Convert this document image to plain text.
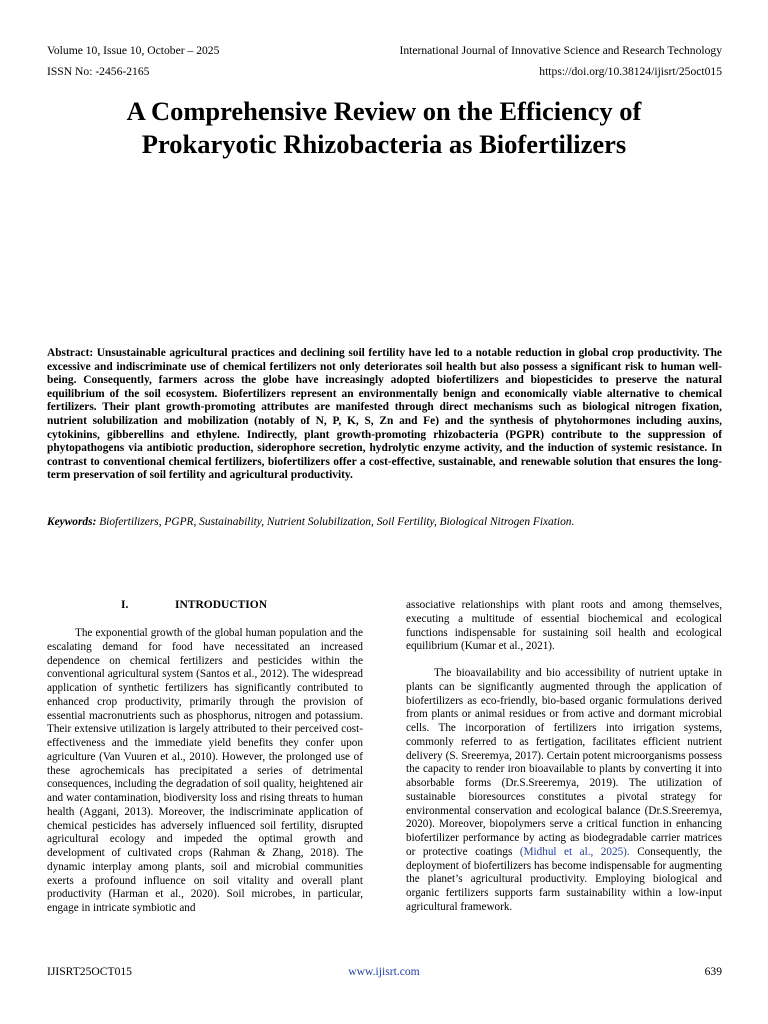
Volume 10, Issue 10, October – 2025	International Journal of Innovative Science and Research Technology
ISSN No: -2456-2165	https://doi.org/10.38124/ijisrt/25oct015
A Comprehensive Review on the Efficiency of
Prokaryotic Rhizobacteria as Biofertilizers
Abstract: Unsustainable agricultural practices and declining soil fertility have led to a notable reduction in global crop productivity. The excessive and indiscriminate use of chemical fertilizers not only deteriorates soil health but also possess a significant risk to human well-being. Consequently, farmers across the globe have increasingly adopted biofertilizers and biopesticides to preserve the natural equilibrium of the soil ecosystem. Biofertilizers represent an environmentally benign and economically viable alternative to chemical fertilizers. Their plant growth-promoting attributes are manifested through direct mechanisms such as biological nitrogen fixation, nutrient solubilization and mobilization (notably of N, P, K, S, Zn and Fe) and the synthesis of phytohormones including auxins, cytokinins, gibberellins and ethylene. Indirectly, plant growth-promoting rhizobacteria (PGPR) contribute to the suppression of phytopathogens via antibiotic production, siderophore secretion, hydrolytic enzyme activity, and the induction of systemic resistance. In contrast to conventional chemical fertilizers, biofertilizers offer a cost-effective, sustainable, and renewable solution that ensures the long-term preservation of soil fertility and agricultural productivity.
Keywords: Biofertilizers, PGPR, Sustainability, Nutrient Solubilization, Soil Fertility, Biological Nitrogen Fixation.
I.	INTRODUCTION

The exponential growth of the global human population and the escalating demand for food have necessitated an increased dependence on chemical fertilizers and pesticides within the conventional agricultural system (Santos et al., 2012). The widespread application of synthetic fertilizers has significantly contributed to enhanced crop productivity, primarily through the provision of essential macronutrients such as phosphorus, nitrogen and potassium. Their extensive utilization is largely attributed to their perceived cost-effectiveness and the immediate yield benefits they confer upon agriculture (Van Vuuren et al., 2010). However, the prolonged use of these agrochemicals has precipitated a series of detrimental consequences, including the degradation of soil quality, heightened air and water contamination, biodiversity loss and rising threats to human health (Aggani, 2013). Moreover, the indiscriminate application of chemical pesticides has adversely influenced soil fertility, disrupted agricultural ecology and impeded the optimal growth and development of cultivated crops (Rahman & Zhang, 2018). The dynamic interplay among plants, soil and microbial communities exerts a profound influence on soil vitality and overall plant productivity (Harman et al., 2020). Soil microbes, in particular, engage in intricate symbiotic and

associative relationships with plant roots and among themselves, executing a multitude of essential biochemical and ecological functions indispensable for sustaining soil health and ecological equilibrium (Kumar et al., 2021).

The bioavailability and bio accessibility of nutrient uptake in plants can be significantly augmented through the application of biofertilizers as eco-friendly, bio-based organic formulations derived from plants or animal residues or from active and dormant microbial cells. The incorporation of fertilizers into irrigation systems, commonly referred to as fertigation, facilitates efficient nutrient delivery (S. Sreeremya, 2017). Certain potent microorganisms possess the capacity to render iron bioavailable to plants by converting it into absorbable forms (Dr.S.Sreeremya, 2019). The utilization of sustainable bioresources constitutes a pivotal strategy for environmental conservation and ecological balance (Dr.S.Sreeremya, 2020). Moreover, biopolymers serve a critical function in enhancing biofertilizer performance by acting as biodegradable carrier matrices or protective coatings (Midhul et al., 2025). Consequently, the deployment of biofertilizers has become indispensable for augmenting the planet’s agricultural productivity. Employing biological and organic fertilizers supports farm sustainability within a low-input agricultural framework.

IJISRT25OCT015	www.ijisrt.com	639
